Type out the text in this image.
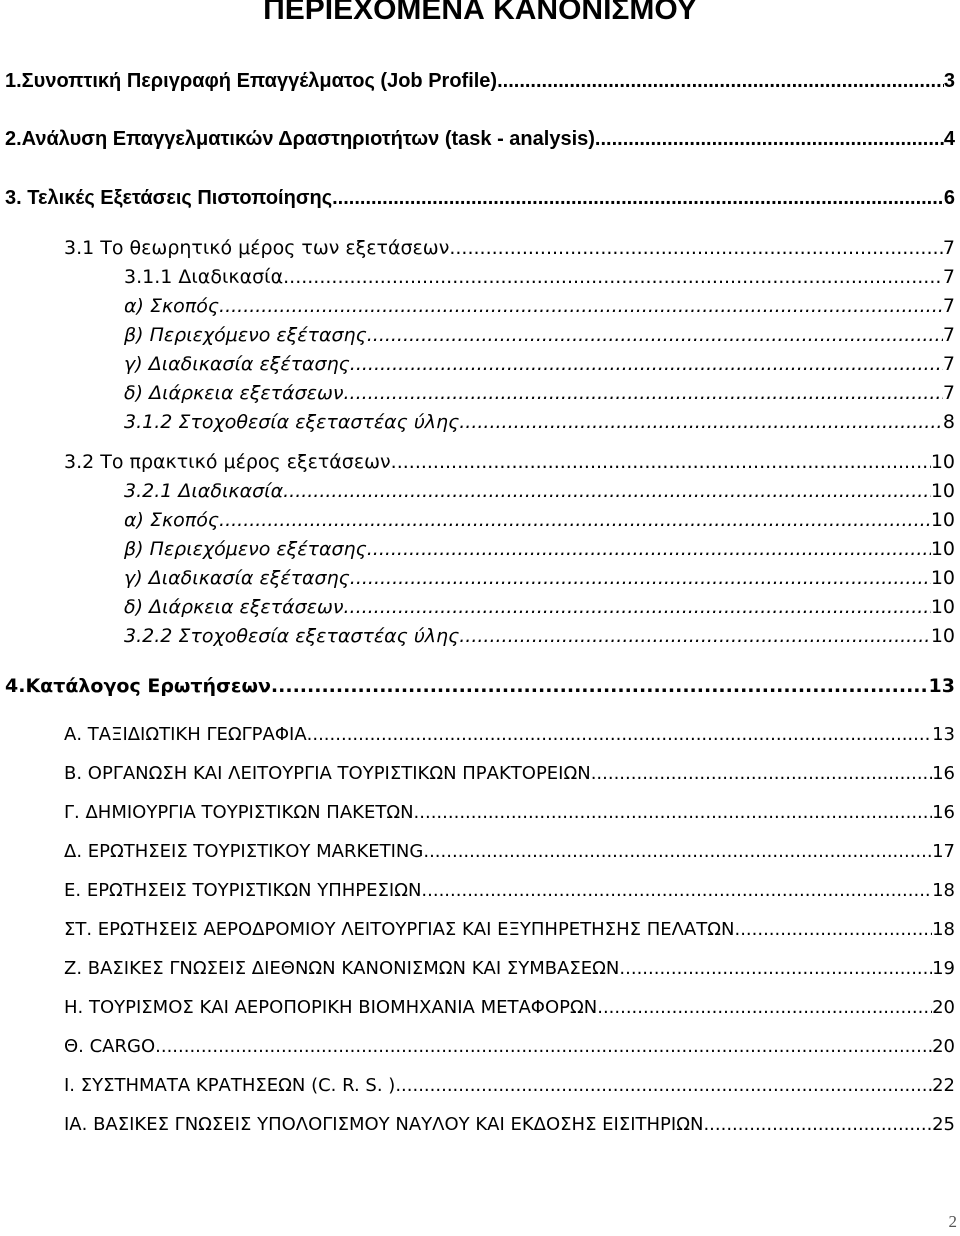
ΠΕΡΙΕΧΟΜΕΝΑ ΚΑΝΟΝΙΣΜΟΥ
1.Συνοπτική Περιγραφή Επαγγέλματος (Job Profile) .....	3
2.Ανάλυση Επαγγελματικών Δραστηριοτήτων (task - analysis) .....	4
3. Τελικές Εξετάσεις Πιστοποίησης .....	6
3.1 Το θεωρητικό μέρος των εξετάσεων .....	7
3.1.1 Διαδικασία .....	7
α) Σκοπός .....	7
β) Περιεχόμενο εξέτασης .....	7
γ) Διαδικασία εξέτασης .....	7
δ) Διάρκεια εξετάσεων .....	7
3.1.2 Στοχοθεσία εξεταστέας ύλης .....	8
3.2 Το πρακτικό μέρος εξετάσεων .....	10
3.2.1 Διαδικασία .....	10
α) Σκοπός .....	10
β) Περιεχόμενο εξέτασης .....	10
γ) Διαδικασία εξέτασης .....	10
δ) Διάρκεια εξετάσεων .....	10
3.2.2 Στοχοθεσία εξεταστέας ύλης .....	10
4.Κατάλογος Ερωτήσεων .....	13
Α. ΤΑΞΙΔΙΩΤΙΚΗ ΓΕΩΓΡΑΦΙΑ .....	13
Β. ΟΡΓΑΝΩΣΗ ΚΑΙ ΛΕΙΤΟΥΡΓΙΑ ΤΟΥΡΙΣΤΙΚΩΝ ΠΡΑΚΤΟΡΕΙΩΝ .....	16
Γ. ΔΗΜΙΟΥΡΓΙΑ ΤΟΥΡΙΣΤΙΚΩΝ ΠΑΚΕΤΩΝ .....	16
Δ. ΕΡΩΤΗΣΕΙΣ ΤΟΥΡΙΣΤΙΚΟΥ MARKETING .....	17
Ε. ΕΡΩΤΗΣΕΙΣ ΤΟΥΡΙΣΤΙΚΩΝ ΥΠΗΡΕΣΙΩΝ .....	18
ΣΤ. ΕΡΩΤΗΣΕΙΣ ΑΕΡΟΔΡΟΜΙΟΥ ΛΕΙΤΟΥΡΓΙΑΣ ΚΑΙ ΕΞΥΠΗΡΕΤΗΣΗΣ ΠΕΛΑΤΩΝ .....	18
Ζ. ΒΑΣΙΚΕΣ ΓΝΩΣΕΙΣ ΔΙΕΘΝΩΝ ΚΑΝΟΝΙΣΜΩΝ ΚΑΙ ΣΥΜΒΑΣΕΩΝ .....	19
Η. ΤΟΥΡΙΣΜΟΣ ΚΑΙ ΑΕΡΟΠΟΡΙΚΗ ΒΙΟΜΗΧΑΝΙΑ ΜΕΤΑΦΟΡΩΝ .....	20
Θ. CARGO .....	20
Ι. ΣΥΣΤΗΜΑΤΑ ΚΡΑΤΗΣΕΩΝ (C. R. S. ) .....	22
ΙΑ. ΒΑΣΙΚΕΣ ΓΝΩΣΕΙΣ ΥΠΟΛΟΓΙΣΜΟΥ ΝΑΥΛΟΥ ΚΑΙ ΕΚΔΟΣΗΣ ΕΙΣΙΤΗΡΙΩΝ .....	25
2
